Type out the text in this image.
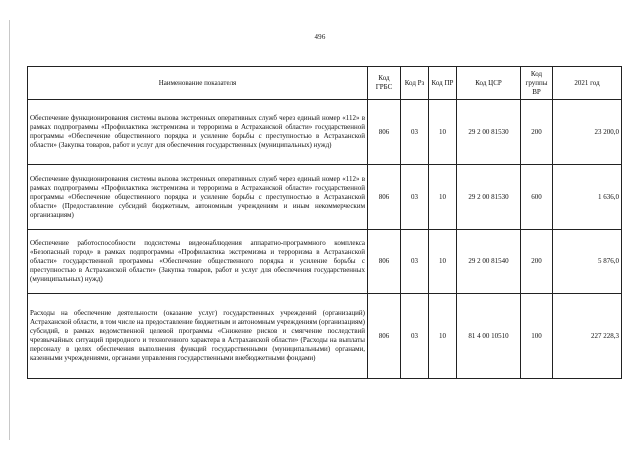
496
Наименование показателя	Код ГРБС	Код Рз	Код ПР	Код ЦСР	Код группы ВР	2021 год
Обеспечение функционирования системы вызова экстренных оперативных служб через единый номер «112» в рамках подпрограммы «Профилактика экстремизма и терроризма в Астраханской области» государственной программы «Обеспечение общественного порядка и усиление борьбы с преступностью в Астраханской области» (Закупка товаров, работ и услуг для обеспечения государственных (муниципальных) нужд)	806	03	10	29 2 00 81530	200	23 200,0
Обеспечение функционирования системы вызова экстренных оперативных служб через единый номер «112» в рамках подпрограммы «Профилактика экстремизма и терроризма в Астраханской области» государственной программы «Обеспечение общественного порядка и усиление борьбы с преступностью в Астраханской области» (Предоставление субсидий бюджетным, автономным учреждениям и иным некоммерческим организациям)	806	03	10	29 2 00 81530	600	1 636,0
Обеспечение работоспособности подсистемы видеонаблюдения аппаратно-программного комплекса «Безопасный город» в рамках подпрограммы «Профилактика экстремизма и терроризма в Астраханской области» государственной программы «Обеспечение общественного порядка и усиление борьбы с преступностью в Астраханской области» (Закупка товаров, работ и услуг для обеспечения государственных (муниципальных) нужд)	806	03	10	29 2 00 81540	200	5 876,0
Расходы на обеспечение деятельности (оказание услуг) государственных учреждений (организаций) Астраханской области, в том числе на предоставление бюджетным и автономным учреждениям (организациям) субсидий, в рамках ведомственной целевой программы «Снижение рисков и смягчение последствий чрезвычайных ситуаций природного и техногенного характера в Астраханской области» (Расходы на выплаты персоналу в целях обеспечения выполнения функций государственными (муниципальными) органами, казенными учреждениями, органами управления государственными внебюджетными фондами)	806	03	10	81 4 00 10510	100	227 228,3
